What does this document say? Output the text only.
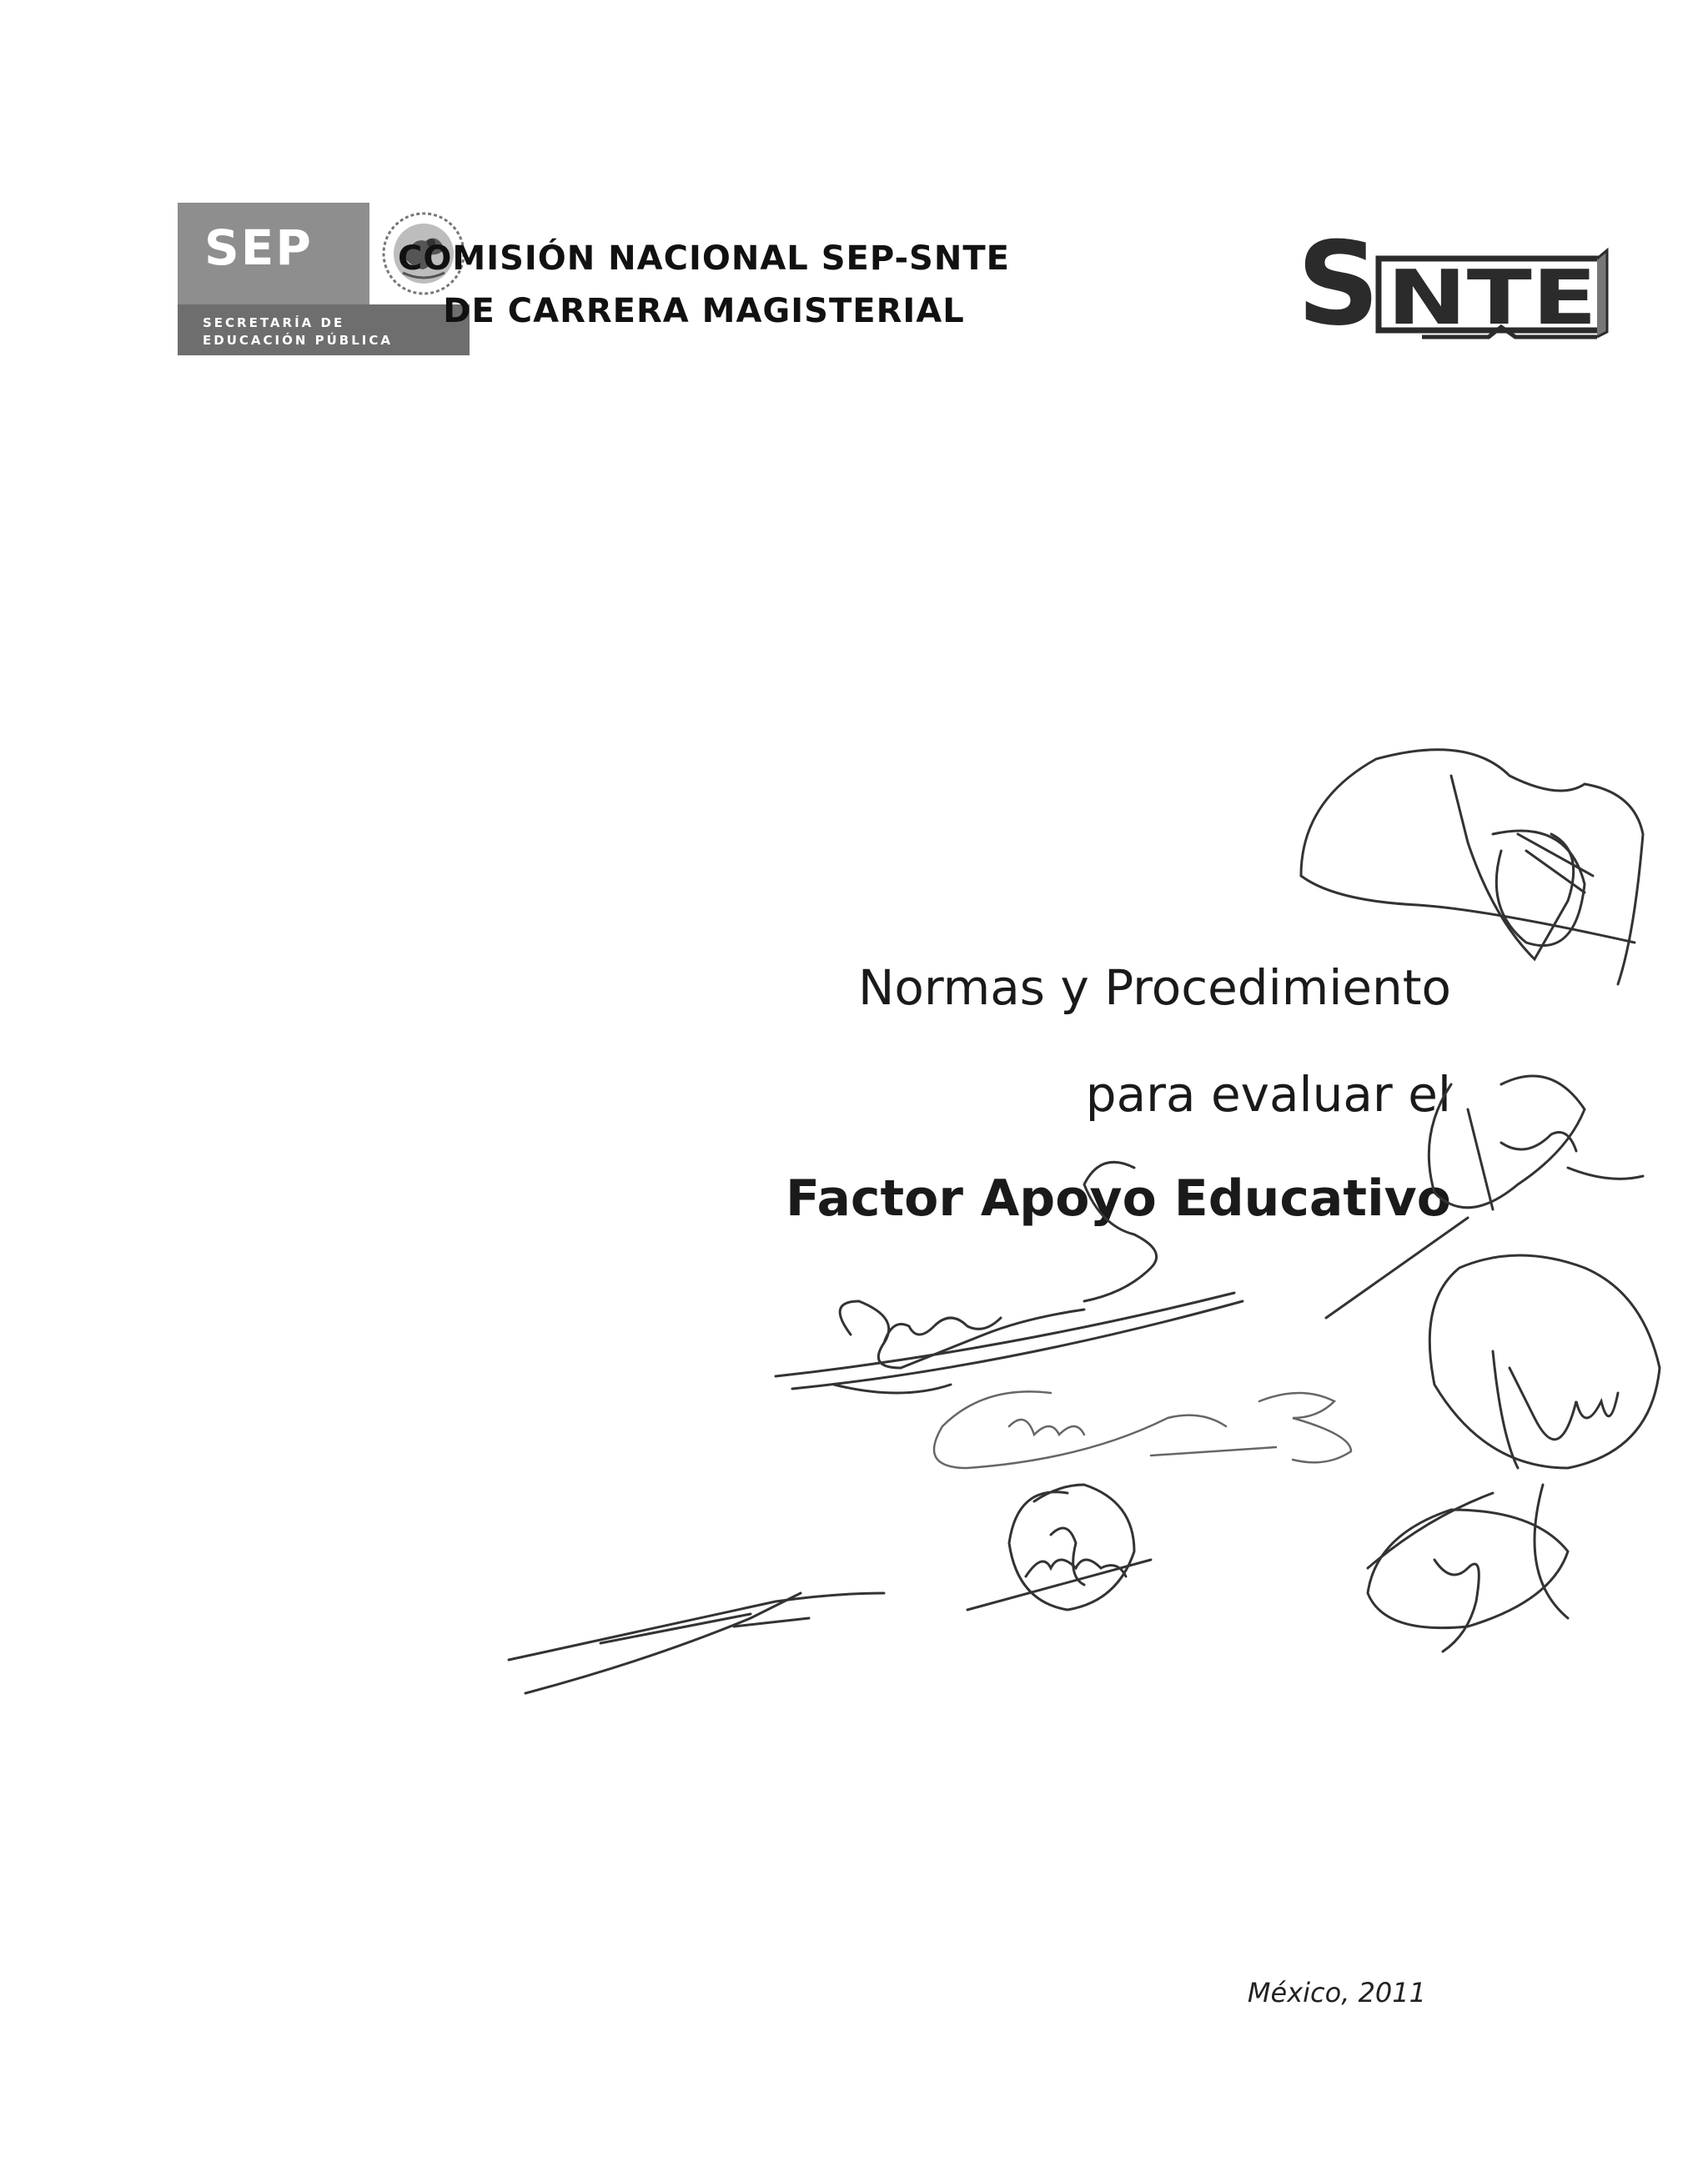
SEP
SECRETARÍA DE
EDUCACIÓN PÚBLICA
COMISIÓN NACIONAL SEP-SNTE
DE CARRERA MAGISTERIAL	S NTE
Normas y Procedimiento
para evaluar el
Factor Apoyo Educativo
México, 2011
